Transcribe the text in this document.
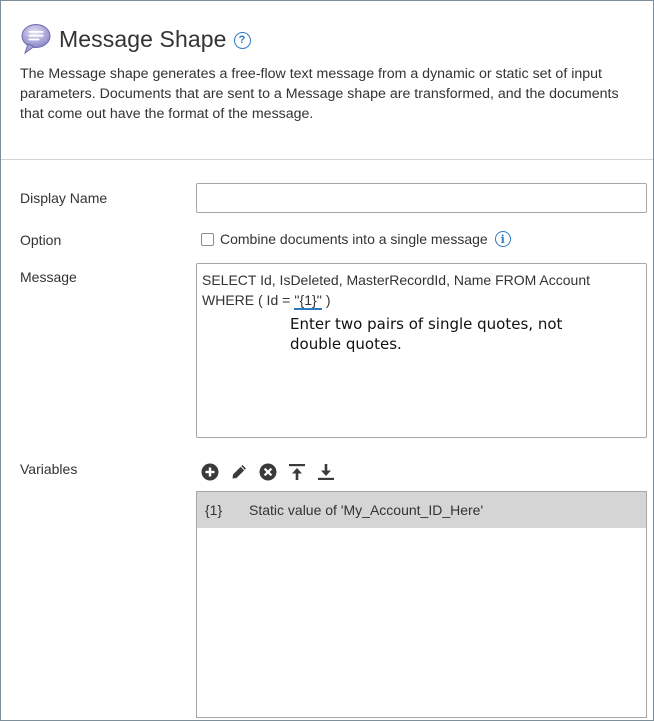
Message Shape	?
The Message shape generates a free-flow text message from a dynamic or static set of input
parameters. Documents that are sent to a Message shape are transformed, and the documents
that come out have the format of the message.
Display Name
Option	Combine documents into a single message	i
Message	SELECT Id, IsDeleted, MasterRecordId, Name FROM Account
WHERE ( Id = ''{1}'' )
Enter two pairs of single quotes, not
double quotes.
Variables
{1}	Static value of 'My_Account_ID_Here'
